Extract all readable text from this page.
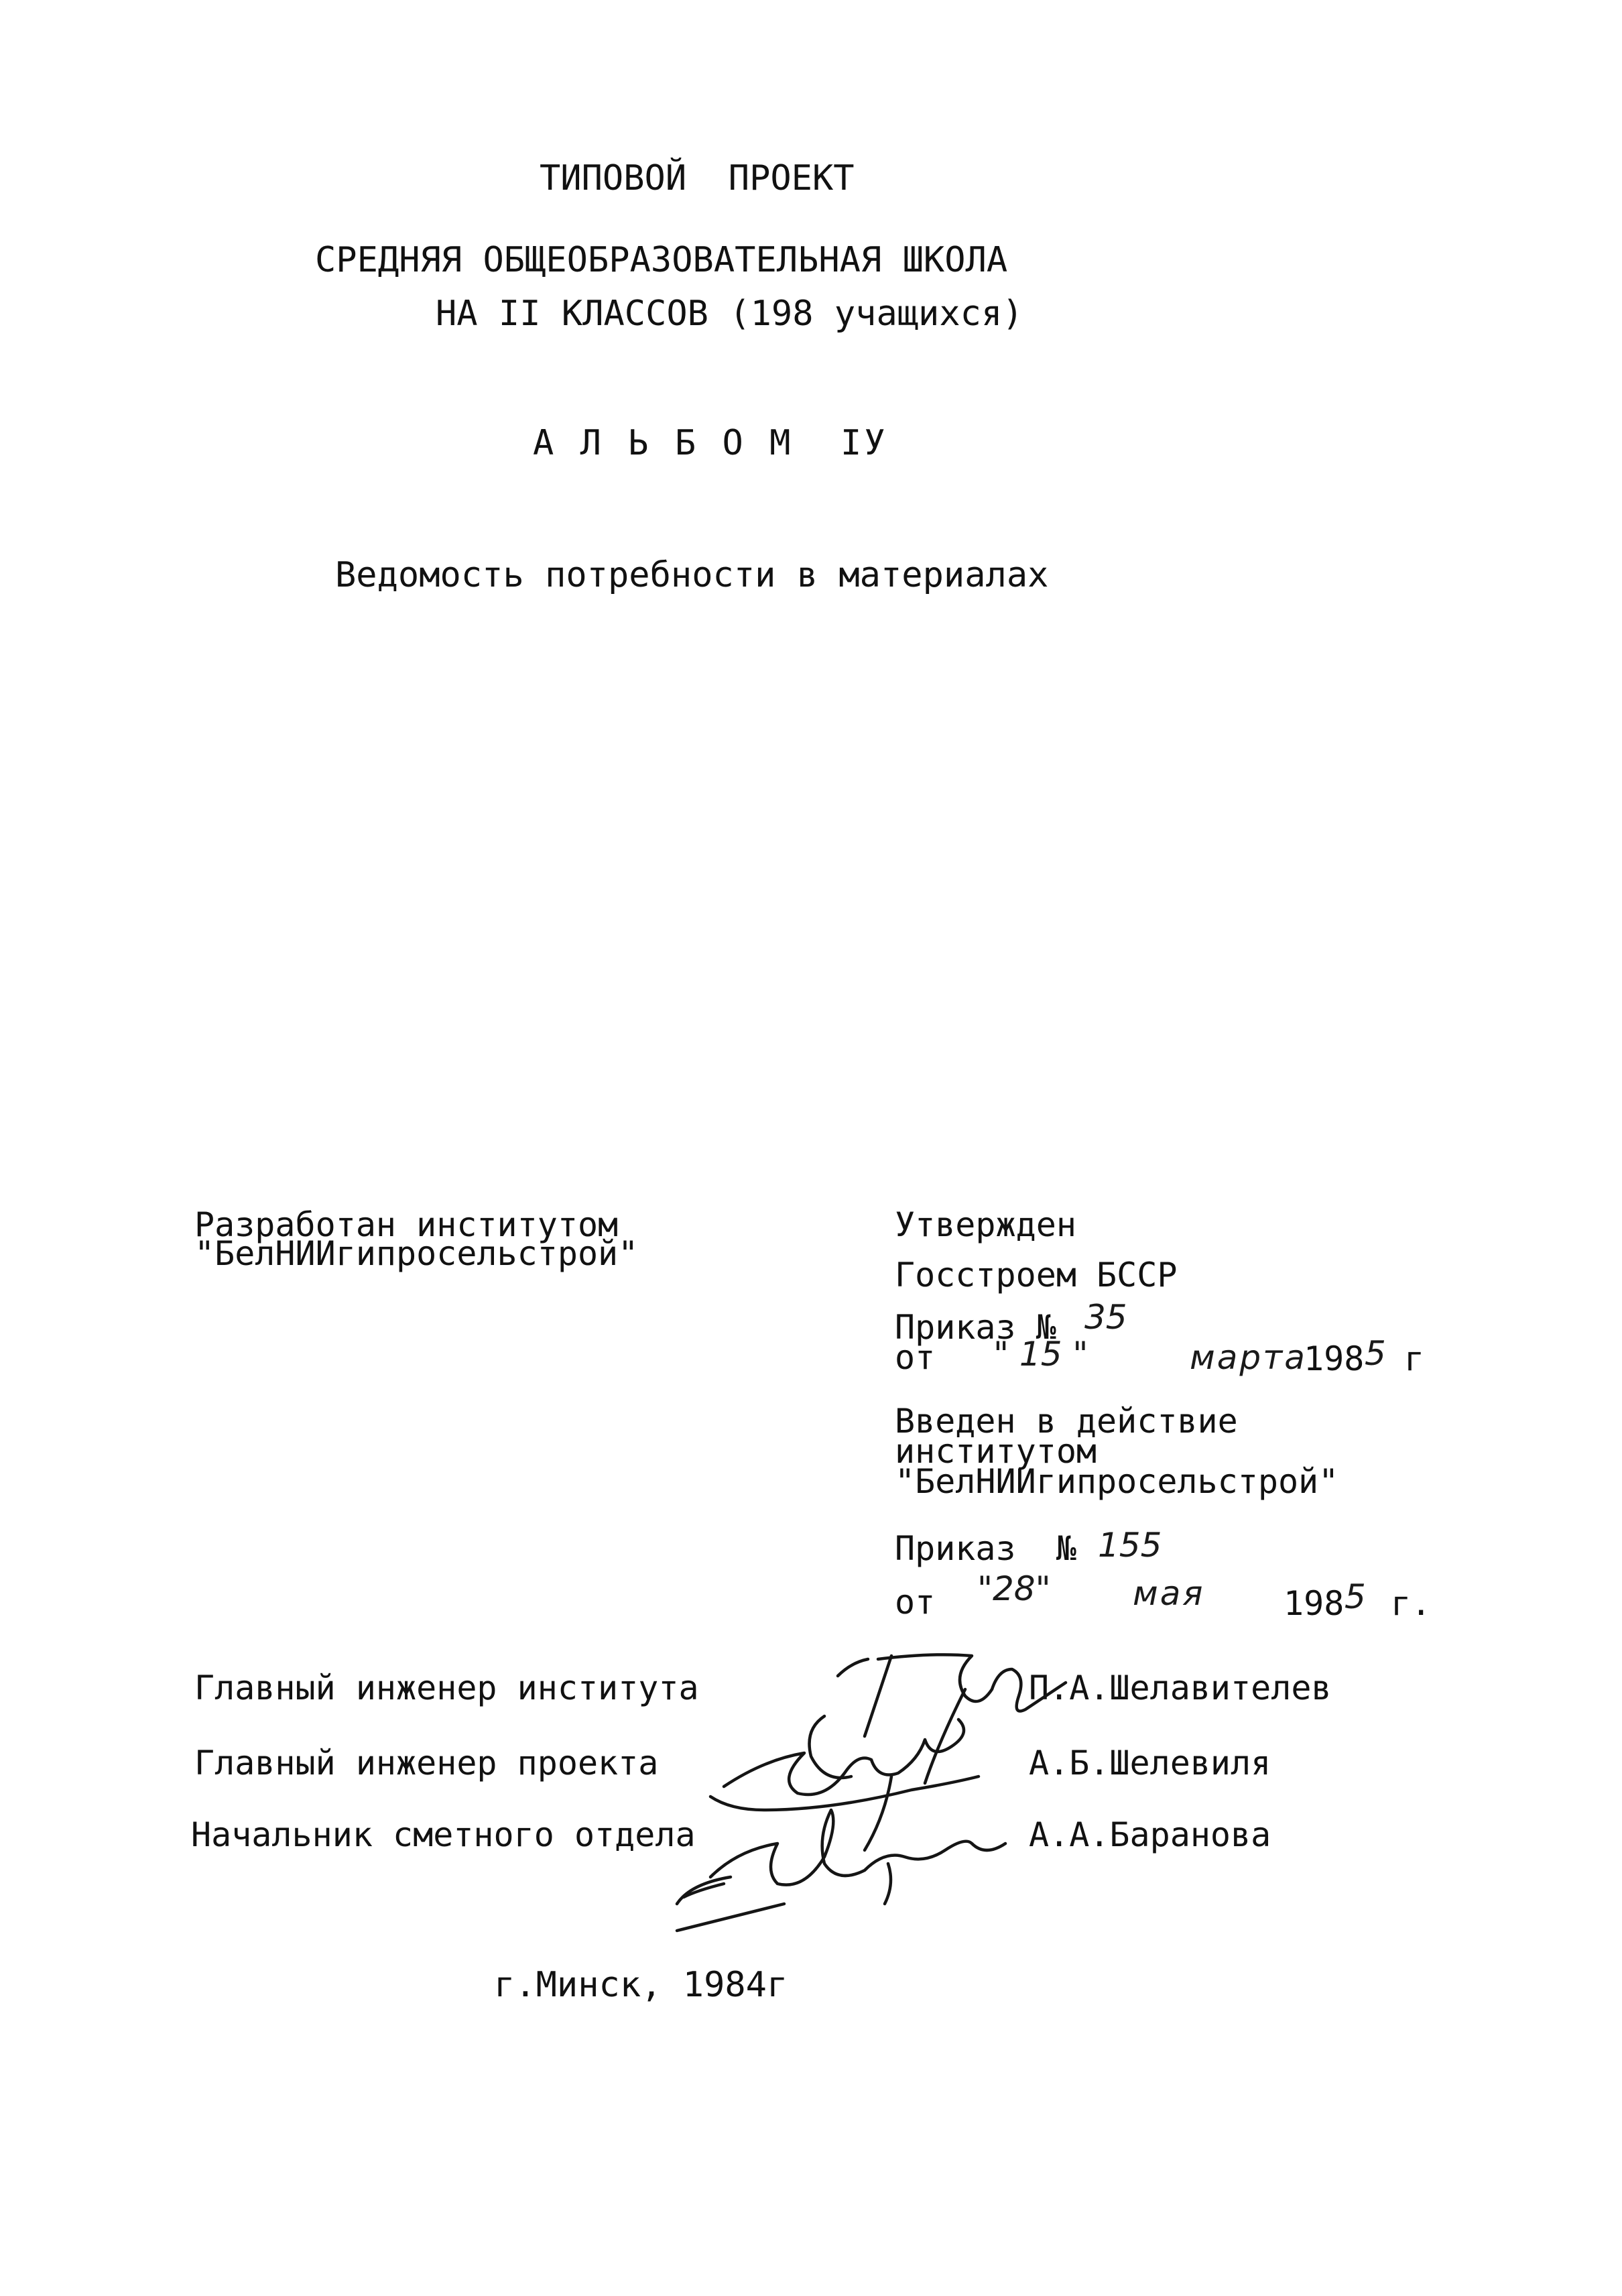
ТИПОВОЙ  ПРОЕКТ
СРЕДНЯЯ ОБЩЕОБРАЗОВАТЕЛЬНАЯ ШКОЛА
НА II КЛАССОВ (198 учащихся)
А Л Ь Б О М  IУ
Ведомость потребности в материалах
Разработан институтом
"БелНИИгипросельстрой"
Утвержден
Госстроем БССР
Приказ № 35
от " 15 "	марта
198 5 г
Введен в действие
институтом
"БелНИИгипросельстрой"
Приказ  № 155
от "28" мая 198 5 г.
Главный инженер института	П.А.Шелавителев
Главный инженер проекта	А.Б.Шелевиля
Начальник сметного отдела	А.А.Баранова
г.Минск, 1984г
